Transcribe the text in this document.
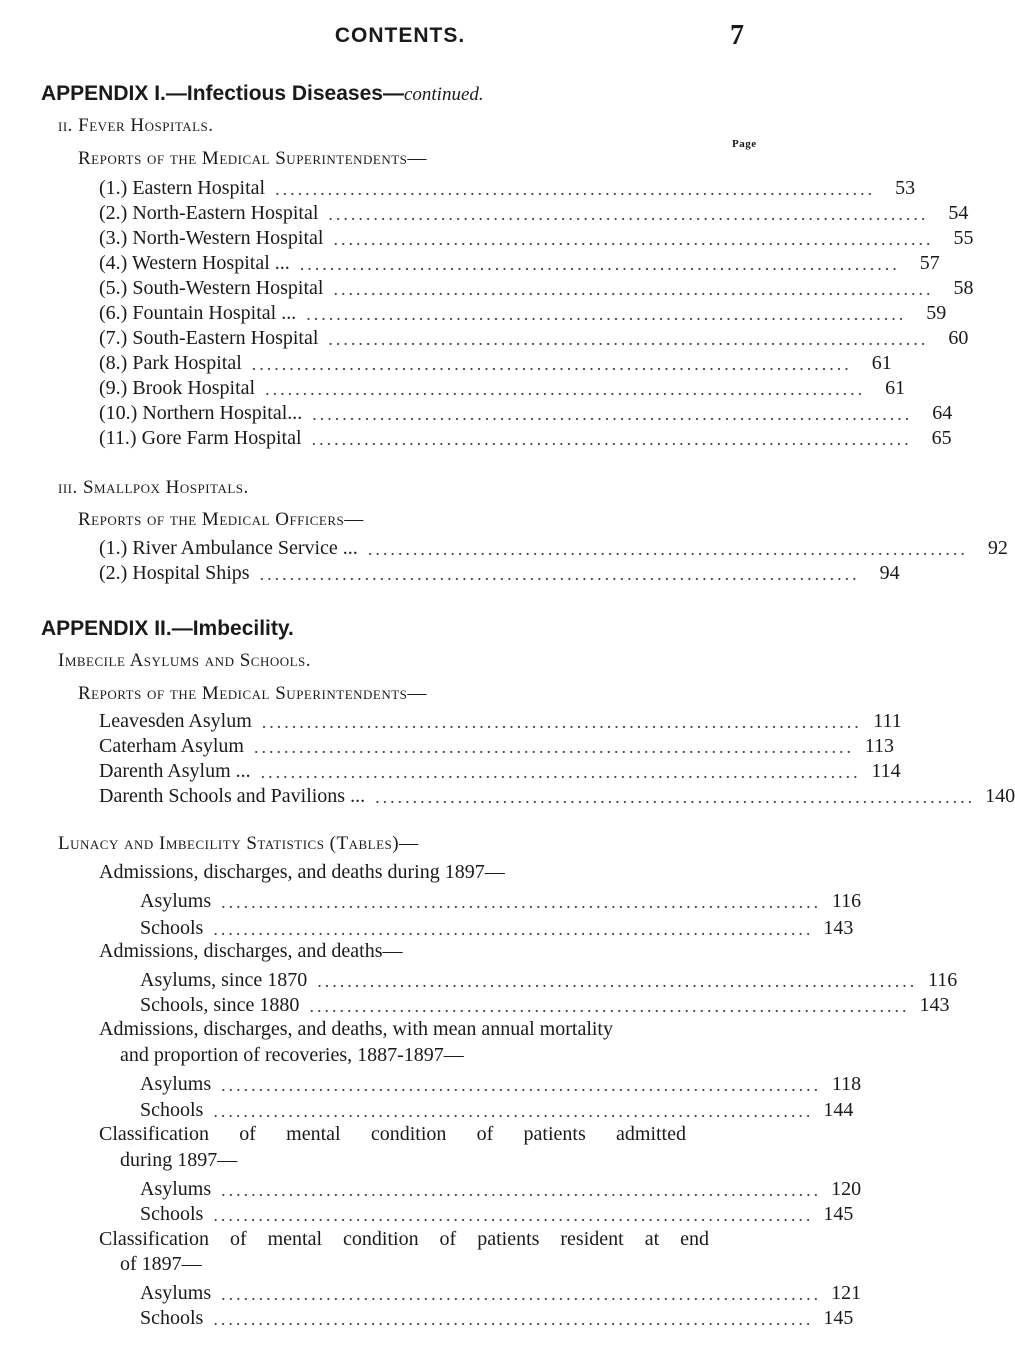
CONTENTS.	7
APPENDIX I.—Infectious Diseases—continued.
ii. Fever Hospitals.
Reports of the Medical Superintendents—
Page
(1.) Eastern Hospital ................................................................................	53
(2.) North-Eastern Hospital ................................................................................	54
(3.) North-Western Hospital ................................................................................	55
(4.) Western Hospital ... ................................................................................	57
(5.) South-Western Hospital ................................................................................	58
(6.) Fountain Hospital ... ................................................................................	59
(7.) South-Eastern Hospital ................................................................................	60
(8.) Park Hospital ................................................................................	61
(9.) Brook Hospital ................................................................................	61
(10.) Northern Hospital... ................................................................................	64
(11.) Gore Farm Hospital ................................................................................	65
iii. Smallpox Hospitals.
Reports of the Medical Officers—
(1.) River Ambulance Service ... ................................................................................	92
(2.) Hospital Ships ................................................................................	94
APPENDIX II.—Imbecility.
Imbecile Asylums and Schools.
Reports of the Medical Superintendents—
Leavesden Asylum ................................................................................ 111
Caterham Asylum ................................................................................ 113
Darenth Asylum ... ................................................................................ 114
Darenth Schools and Pavilions ... ................................................................................ 140
Lunacy and Imbecility Statistics (Tables)—
Admissions, discharges, and deaths during 1897—
Asylums ................................................................................ 116
Schools ................................................................................ 143
Admissions, discharges, and deaths—
Asylums, since 1870 ................................................................................ 116
Schools, since 1880 ................................................................................ 143
Admissions, discharges, and deaths, with mean annual mortality
and proportion of recoveries, 1887-1897—
Asylums ................................................................................ 118
Schools ................................................................................ 144
Classification of mental condition of patients admitted
during 1897—
Asylums ................................................................................ 120
Schools ................................................................................ 145
Classification of mental condition of patients resident at end
of 1897—
Asylums ................................................................................ 121
Schools ................................................................................ 145
